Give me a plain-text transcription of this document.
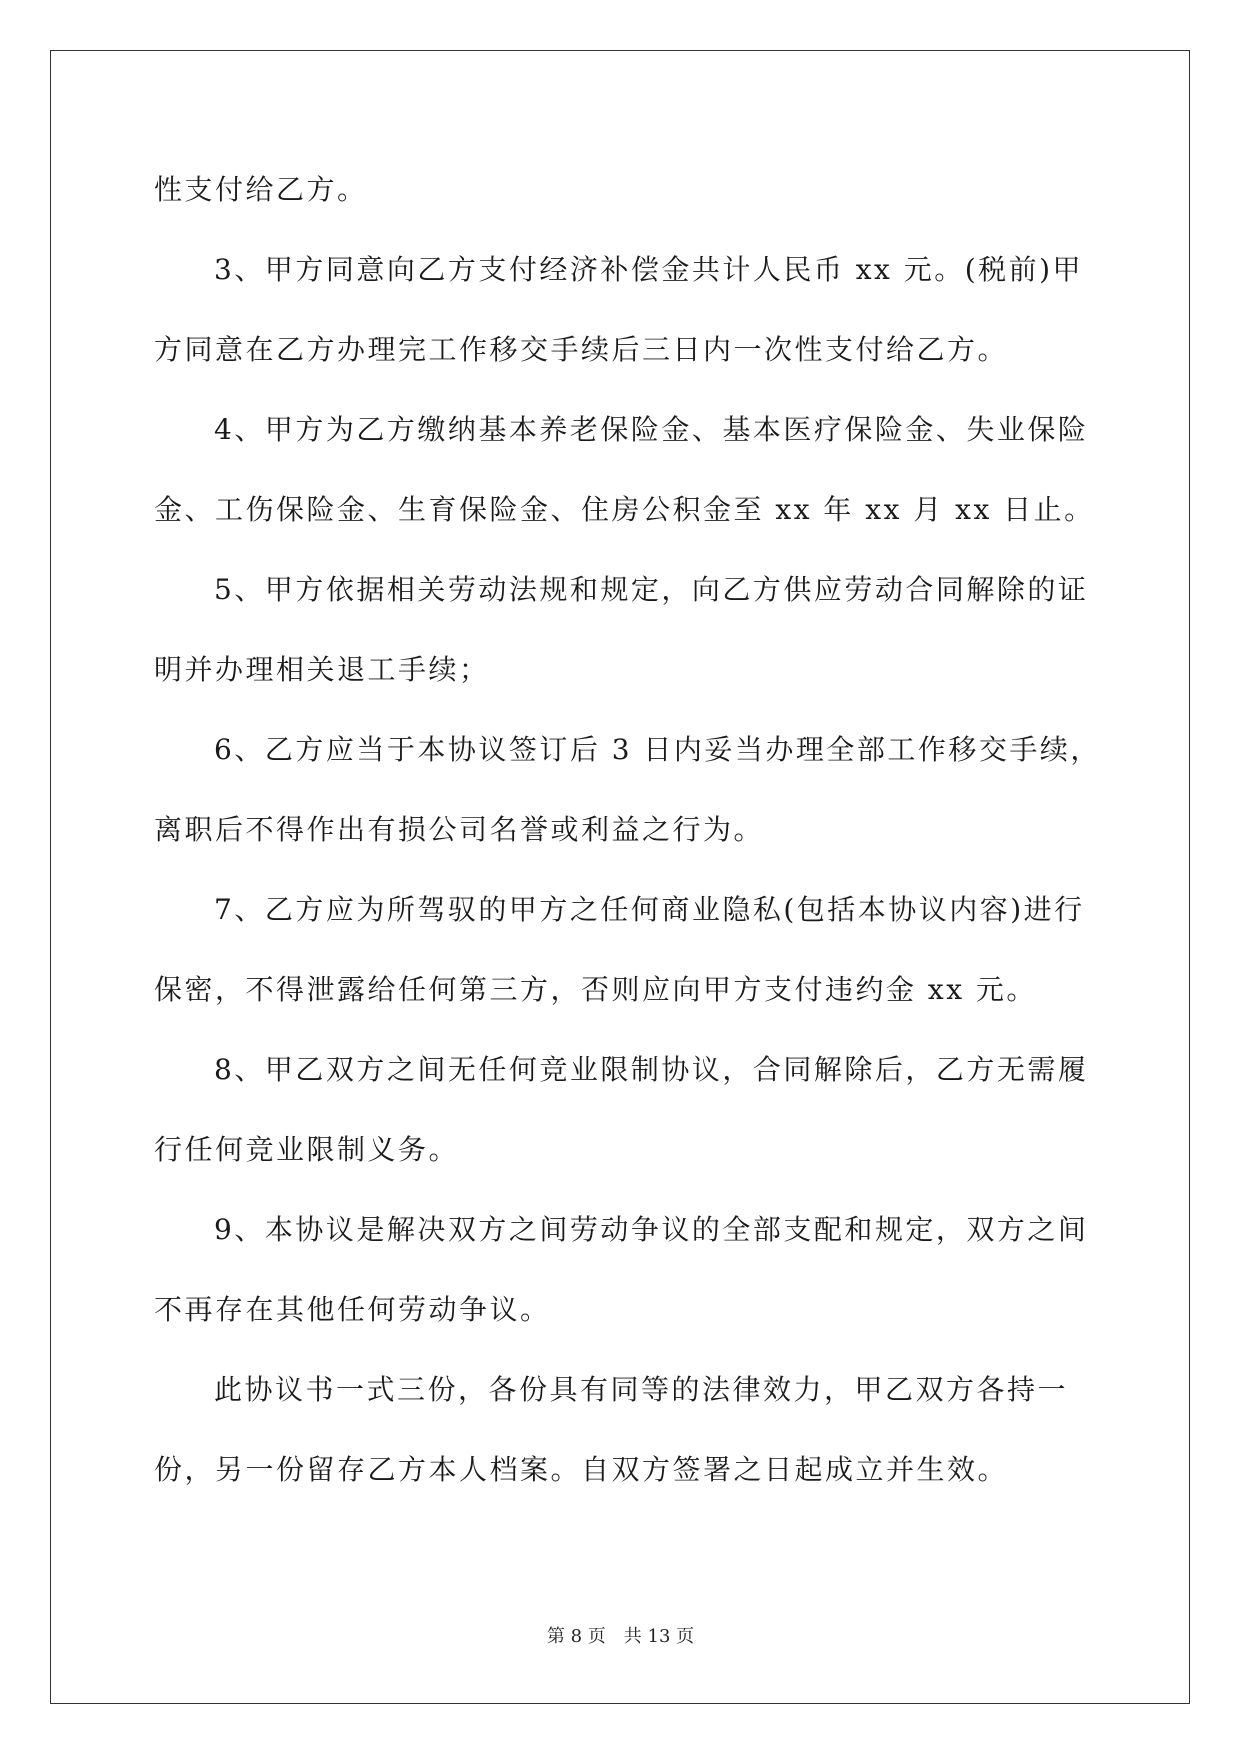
性支付给乙方。
3、甲方同意向乙方支付经济补偿金共计人民币 xx 元。(税前)甲
方同意在乙方办理完工作移交手续后三日内一次性支付给乙方。
4、甲方为乙方缴纳基本养老保险金、基本医疗保险金、失业保险
金、工伤保险金、生育保险金、住房公积金至 xx 年 xx 月 xx 日止。
5、甲方依据相关劳动法规和规定，向乙方供应劳动合同解除的证
明并办理相关退工手续；
6、乙方应当于本协议签订后 3 日内妥当办理全部工作移交手续，
离职后不得作出有损公司名誉或利益之行为。
7、乙方应为所驾驭的甲方之任何商业隐私(包括本协议内容)进行
保密，不得泄露给任何第三方，否则应向甲方支付违约金 xx 元。
8、甲乙双方之间无任何竞业限制协议，合同解除后，乙方无需履
行任何竞业限制义务。
9、本协议是解决双方之间劳动争议的全部支配和规定，双方之间
不再存在其他任何劳动争议。
此协议书一式三份，各份具有同等的法律效力，甲乙双方各持一
份，另一份留存乙方本人档案。自双方签署之日起成立并生效。
第 8 页　共 13 页
